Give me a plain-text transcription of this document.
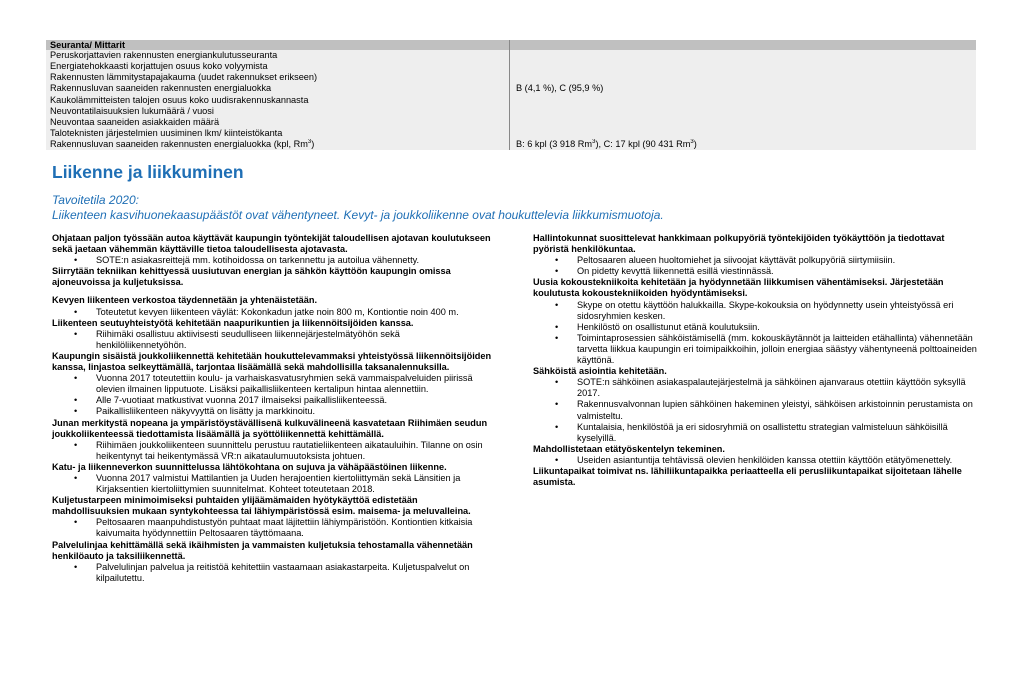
Seuranta/ Mittarit
Peruskorjattavien rakennusten energiankulutusseuranta
Energiatehokkaasti korjattujen osuus koko volyymista
Rakennusten lämmitystapajakauma (uudet rakennukset erikseen)
Rakennusluvan saaneiden rakennusten energialuokka
Kaukolämmitteisten talojen osuus koko uudisrakennuskannasta
Neuvontatilaisuuksien lukumäärä / vuosi
Neuvontaa saaneiden asiakkaiden määrä
Taloteknisten järjestelmien uusiminen lkm/ kiinteistökanta
Rakennusluvan saaneiden rakennusten energialuokka (kpl, Rm$^3$)
B (4,1 %), C (95,9 %)
B: 6 kpl (3 918 Rm$^3$), C: 17 kpl (90 431 Rm$^3$)
Liikenne ja liikkuminen
Tavoitetila 2020:
Liikenteen kasvihuonekaasupäästöt ovat vähentyneet. Kevyt- ja joukkoliikenne ovat houkuttelevia liikkumismuotoja.

Ohjataan paljon työssään autoa käyttävät kaupungin työntekijät taloudellisen ajotavan koulutukseen sekä jaetaan vähemmän käyttäville tietoa taloudellisesta ajotavasta.

• SOTE:n asiakasreittejä mm. kotihoidossa on tarkennettu ja autoilua vähennetty.

Siirrytään tekniikan kehittyessä uusiutuvan energian ja sähkön käyttöön kaupungin omissa ajoneuvoissa ja kuljetuksissa.

Kevyen liikenteen verkostoa täydennetään ja yhtenäistetään.

• Toteutetut kevyen liikenteen väylät: Kokonkadun jatke noin 800 m, Kontiontie noin 400 m.

Liikenteen seutuyhteistyötä kehitetään naapurikuntien ja liikennöitsijöiden kanssa.

• Riihimäki osallistuu aktiivisesti seudulliseen liikennejärjestelmätyöhön sekä henkilöliikennetyöhön.

Kaupungin sisäistä joukkoliikennettä kehitetään houkuttelevammaksi yhteistyössä liikennöitsijöiden kanssa, linjastoa selkeyttämällä, tarjontaa lisäämällä sekä mahdollisilla taksanalennuksilla.

• Vuonna 2017 toteutettiin koulu- ja varhaiskasvatusryhmien sekä vammaispalveluiden piirissä olevien ilmainen lipputuote. Lisäksi paikallisliikenteen kertalipun hintaa alennettiin.
• Alle 7-vuotiaat matkustivat vuonna 2017 ilmaiseksi paikallisliikenteessä.
• Paikallisliikenteen näkyvyyttä on lisätty ja markkinoitu.

Junan merkitystä nopeana ja ympäristöystävällisenä kulkuvälineenä kasvatetaan Riihimäen seudun joukkoliikenteessä tiedottamista lisäämällä ja syöttöliikennettä kehittämällä.

• Riihimäen joukkoliikenteen suunnittelu perustuu rautatieliikenteen aikatauluihin. Tilanne on osin heikentynyt tai heikentymässä VR:n aikataulumuutoksista johtuen.

Katu- ja liikenneverkon suunnittelussa lähtökohtana on sujuva ja vähäpäästöinen liikenne.

• Vuonna 2017 valmistui Mattilantien ja Uuden herajoentien kiertoliittymän sekä Länsitien ja Kirjaksentien kiertoliittymien suunnitelmat. Kohteet toteutetaan 2018.

Kuljetustarpeen minimoimiseksi puhtaiden ylijäämämaiden hyötykäyttöä edistetään mahdollisuuksien mukaan syntykohteessa tai lähiympäristössä esim. maisema- ja meluvalleina.

• Peltosaaren maanpuhdistustyön puhtaat maat läjitettiin lähiympäristöön. Kontiontien kitkaisia kaivumaita hyödynnettiin Peltosaaren täyttömaana.

Palvelulinjaa kehittämällä sekä ikäihmisten ja vammaisten kuljetuksia tehostamalla vähennetään henkilöauto ja taksiliikennettä.

• Palvelulinjan palvelua ja reitistöä kehitettiin vastaamaan asiakastarpeita. Kuljetuspalvelut on kilpailutettu.

Hallintokunnat suosittelevat hankkimaan polkupyöriä työntekijöiden työkäyttöön ja tiedottavat pyöristä henkilökuntaa.

• Peltosaaren alueen huoltomiehet ja siivoojat käyttävät polkupyöriä siirtymiisiin.
• On pidetty kevyttä liikennettä esillä viestinnässä.

Uusia kokoustekniikoita kehitetään ja hyödynnetään liikkumisen vähentämiseksi. Järjestetään koulutusta kokoustekniikoiden hyödyntämiseksi.

• Skype on otettu käyttöön halukkailla. Skype-kokouksia on hyödynnetty usein yhteistyössä eri sidosryhmien kesken.
• Henkilöstö on osallistunut etänä koulutuksiin.
• Toimintaprosessien sähköistämisellä (mm. kokouskäytännöt ja laitteiden etähallinta) vähennetään tarvetta liikkua kaupungin eri toimipaikkoihin, jolloin energiaa säästyy vähentyneenä polttoaineiden käyttönä.

Sähköistä asiointia kehitetään.

• SOTE:n sähköinen asiakaspalautejärjestelmä ja sähköinen ajanvaraus otettiin käyttöön syksyllä 2017.
• Rakennusvalvonnan lupien sähköinen hakeminen yleistyi, sähköisen arkistoinnin perustamista on valmisteltu.
• Kuntalaisia, henkilöstöä ja eri sidosryhmiä on osallistettu strategian valmisteluun sähköisillä kyselyillä.

Mahdollistetaan etätyöskentelyn tekeminen.

• Useiden asiantuntija tehtävissä olevien henkilöiden kanssa otettiin käyttöön etätyömenettely.

Liikuntapaikat toimivat ns. lähiliikuntapaikka periaatteella eli perusliikuntapaikat sijoitetaan lähelle asumista.
